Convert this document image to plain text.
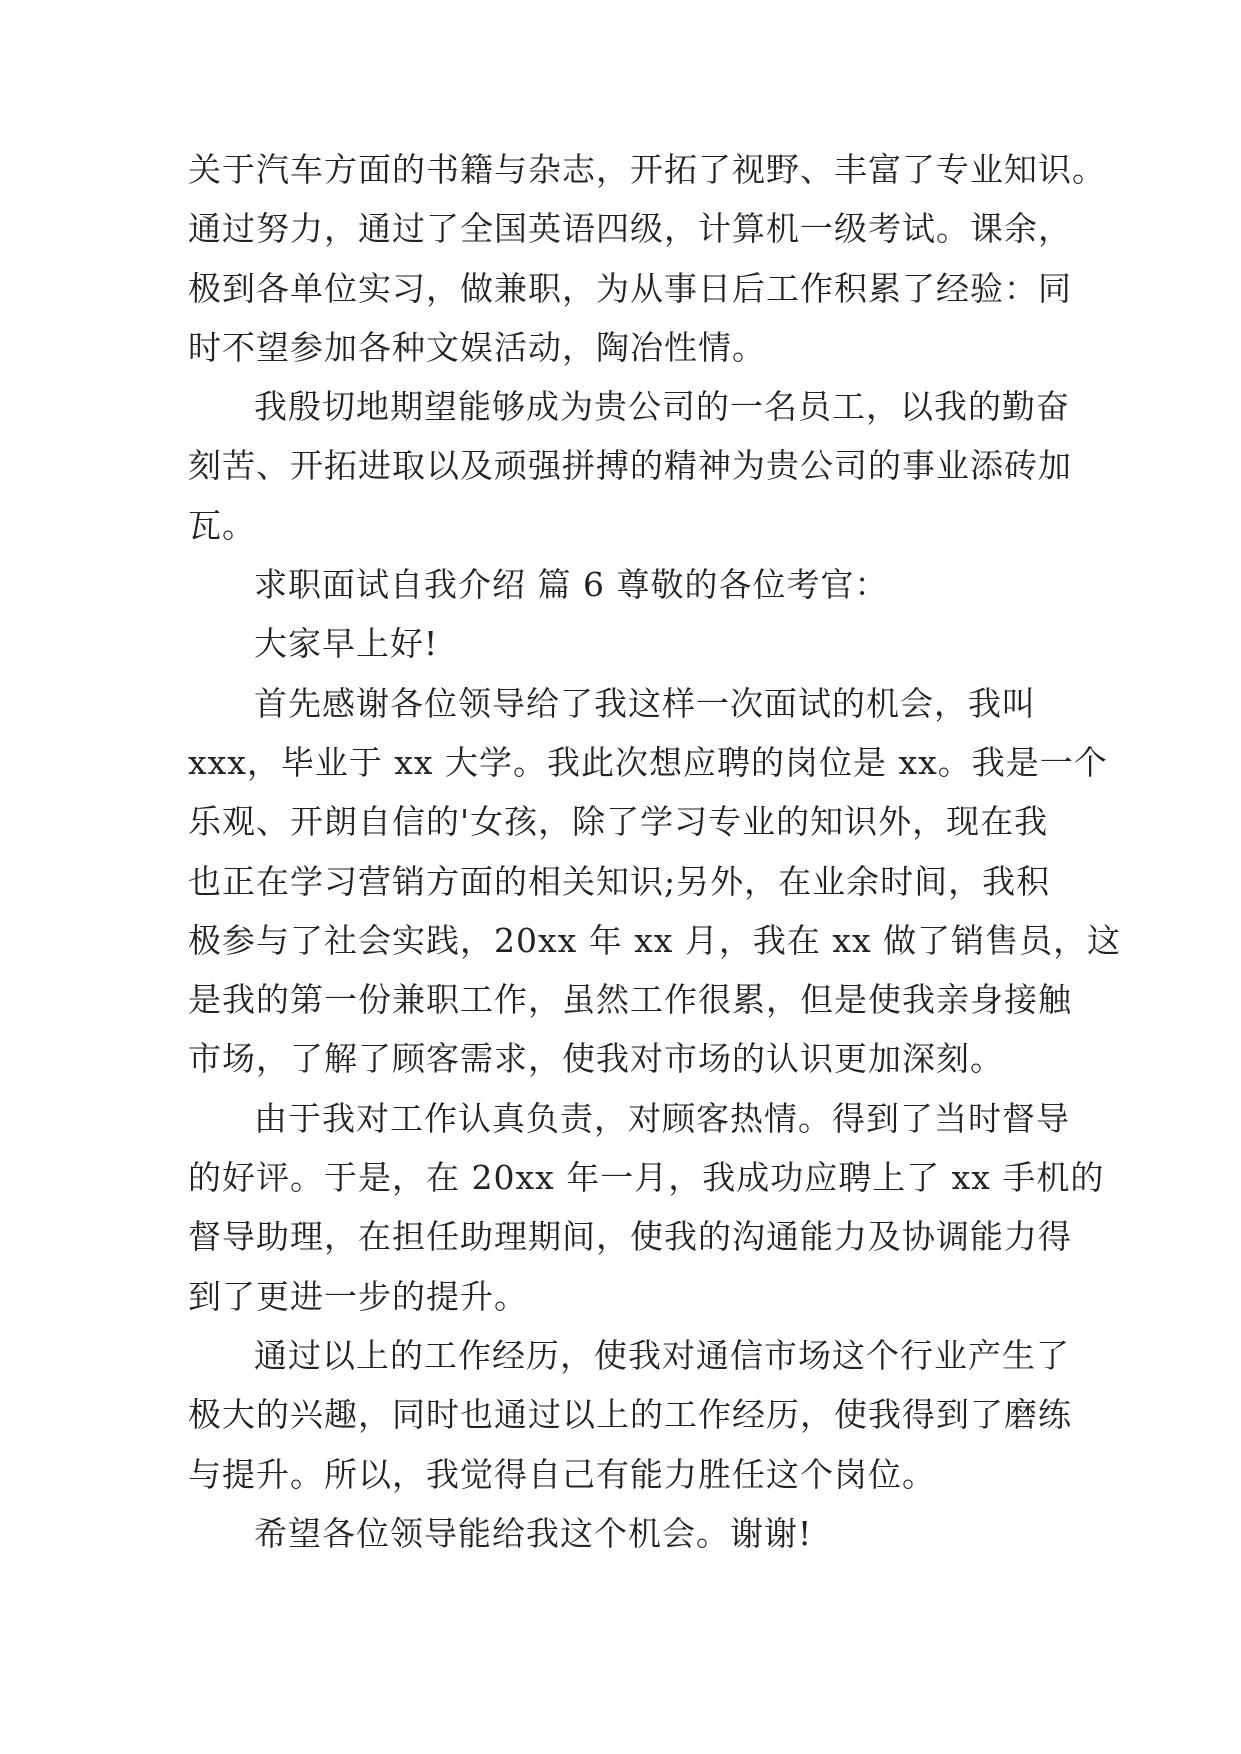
关于汽车方面的书籍与杂志，开拓了视野、丰富了专业知识。
通过努力，通过了全国英语四级，计算机一级考试。课余，
极到各单位实习，做兼职，为从事日后工作积累了经验：同
时不望参加各种文娱活动，陶冶性情。
我殷切地期望能够成为贵公司的一名员工，以我的勤奋
刻苦、开拓进取以及顽强拼搏的精神为贵公司的事业添砖加
瓦。
求职面试自我介绍 篇 6 尊敬的各位考官：
大家早上好!
首先感谢各位领导给了我这样一次面试的机会，我叫
xxx，毕业于 xx 大学。我此次想应聘的岗位是 xx。我是一个
乐观、开朗自信的'女孩，除了学习专业的知识外，现在我
也正在学习营销方面的相关知识;另外，在业余时间，我积
极参与了社会实践，20xx 年 xx 月，我在 xx 做了销售员，这
是我的第一份兼职工作，虽然工作很累，但是使我亲身接触
市场，了解了顾客需求，使我对市场的认识更加深刻。
由于我对工作认真负责，对顾客热情。得到了当时督导
的好评。于是，在 20xx 年一月，我成功应聘上了 xx 手机的
督导助理，在担任助理期间，使我的沟通能力及协调能力得
到了更进一步的提升。
通过以上的工作经历，使我对通信市场这个行业产生了
极大的兴趣，同时也通过以上的工作经历，使我得到了磨练
与提升。所以，我觉得自己有能力胜任这个岗位。
希望各位领导能给我这个机会。谢谢!
